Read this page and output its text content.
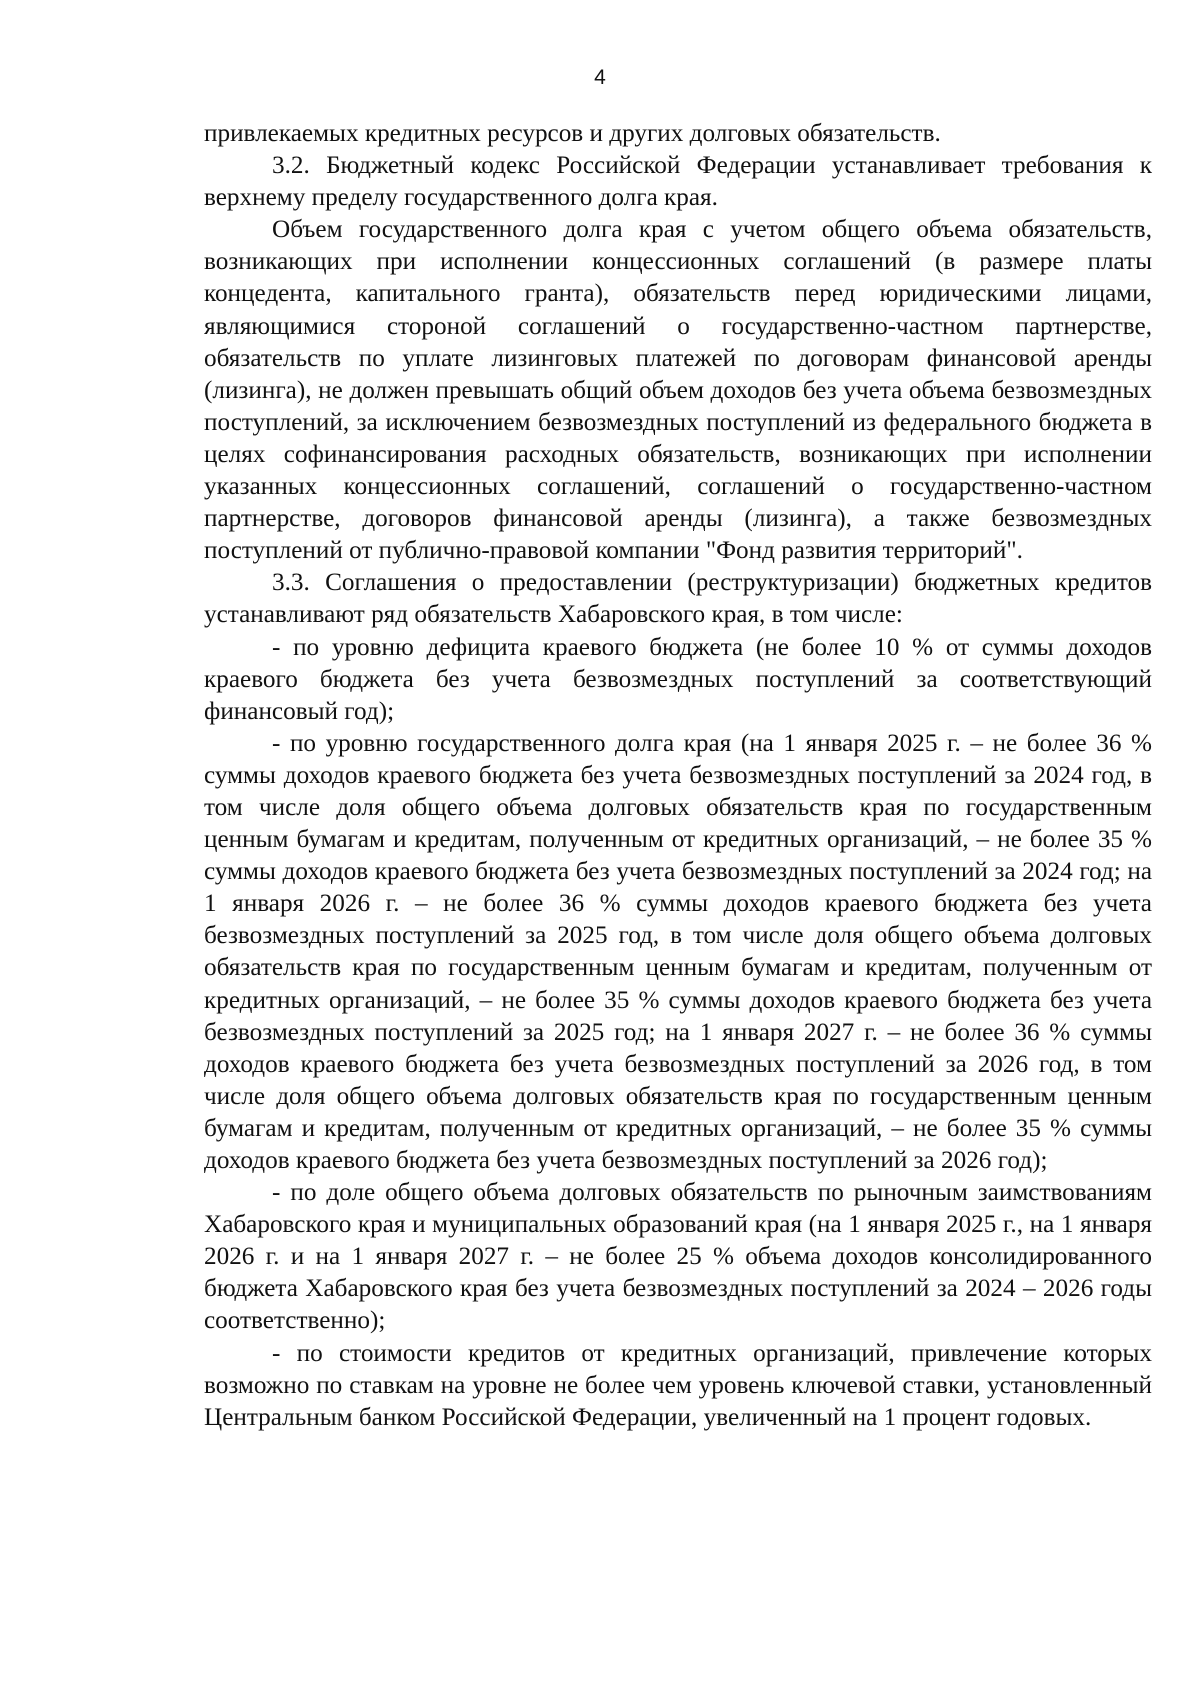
4

привлекаемых кредитных ресурсов и других долговых обязательств.

3.2. Бюджетный кодекс Российской Федерации устанавливает требования к верхнему пределу государственного долга края.

Объем государственного долга края с учетом общего объема обязательств, возникающих при исполнении концессионных соглашений (в размере платы концедента, капитального гранта), обязательств перед юридическими лицами, являющимися стороной соглашений о государственно-частном партнерстве, обязательств по уплате лизинговых платежей по договорам финансовой аренды (лизинга), не должен превышать общий объем доходов без учета объема безвозмездных поступлений, за исключением безвозмездных поступлений из федерального бюджета в целях софинансирования расходных обязательств, возникающих при исполнении указанных концессионных соглашений, соглашений о государственно-частном партнерстве, договоров финансовой аренды (лизинга), а также безвозмездных поступлений от публично-правовой компании "Фонд развития территорий".

3.3. Соглашения о предоставлении (реструктуризации) бюджетных кредитов устанавливают ряд обязательств Хабаровского края, в том числе:

- по уровню дефицита краевого бюджета (не более 10 % от суммы доходов краевого бюджета без учета безвозмездных поступлений за соответствующий финансовый год);

- по уровню государственного долга края (на 1 января 2025 г. – не более 36 % суммы доходов краевого бюджета без учета безвозмездных поступлений за 2024 год, в том числе доля общего объема долговых обязательств края по государственным ценным бумагам и кредитам, полученным от кредитных организаций, – не более 35 % суммы доходов краевого бюджета без учета безвозмездных поступлений за 2024 год; на 1 января 2026 г. – не более 36 % суммы доходов краевого бюджета без учета безвозмездных поступлений за 2025 год, в том числе доля общего объема долговых обязательств края по государственным ценным бумагам и кредитам, полученным от кредитных организаций, – не более 35 % суммы доходов краевого бюджета без учета безвозмездных поступлений за 2025 год; на 1 января 2027 г. – не более 36 % суммы доходов краевого бюджета без учета безвозмездных поступлений за 2026 год, в том числе доля общего объема долговых обязательств края по государственным ценным бумагам и кредитам, полученным от кредитных организаций, – не более 35 % суммы доходов краевого бюджета без учета безвозмездных поступлений за 2026 год);

- по доле общего объема долговых обязательств по рыночным заимствованиям Хабаровского края и муниципальных образований края (на 1 января 2025 г., на 1 января 2026 г. и на 1 января 2027 г. – не более 25 % объема доходов консолидированного бюджета Хабаровского края без учета безвозмездных поступлений за 2024 – 2026 годы соответственно);

- по стоимости кредитов от кредитных организаций, привлечение которых возможно по ставкам на уровне не более чем уровень ключевой ставки, установленный Центральным банком Российской Федерации, увеличенный на 1 процент годовых.
